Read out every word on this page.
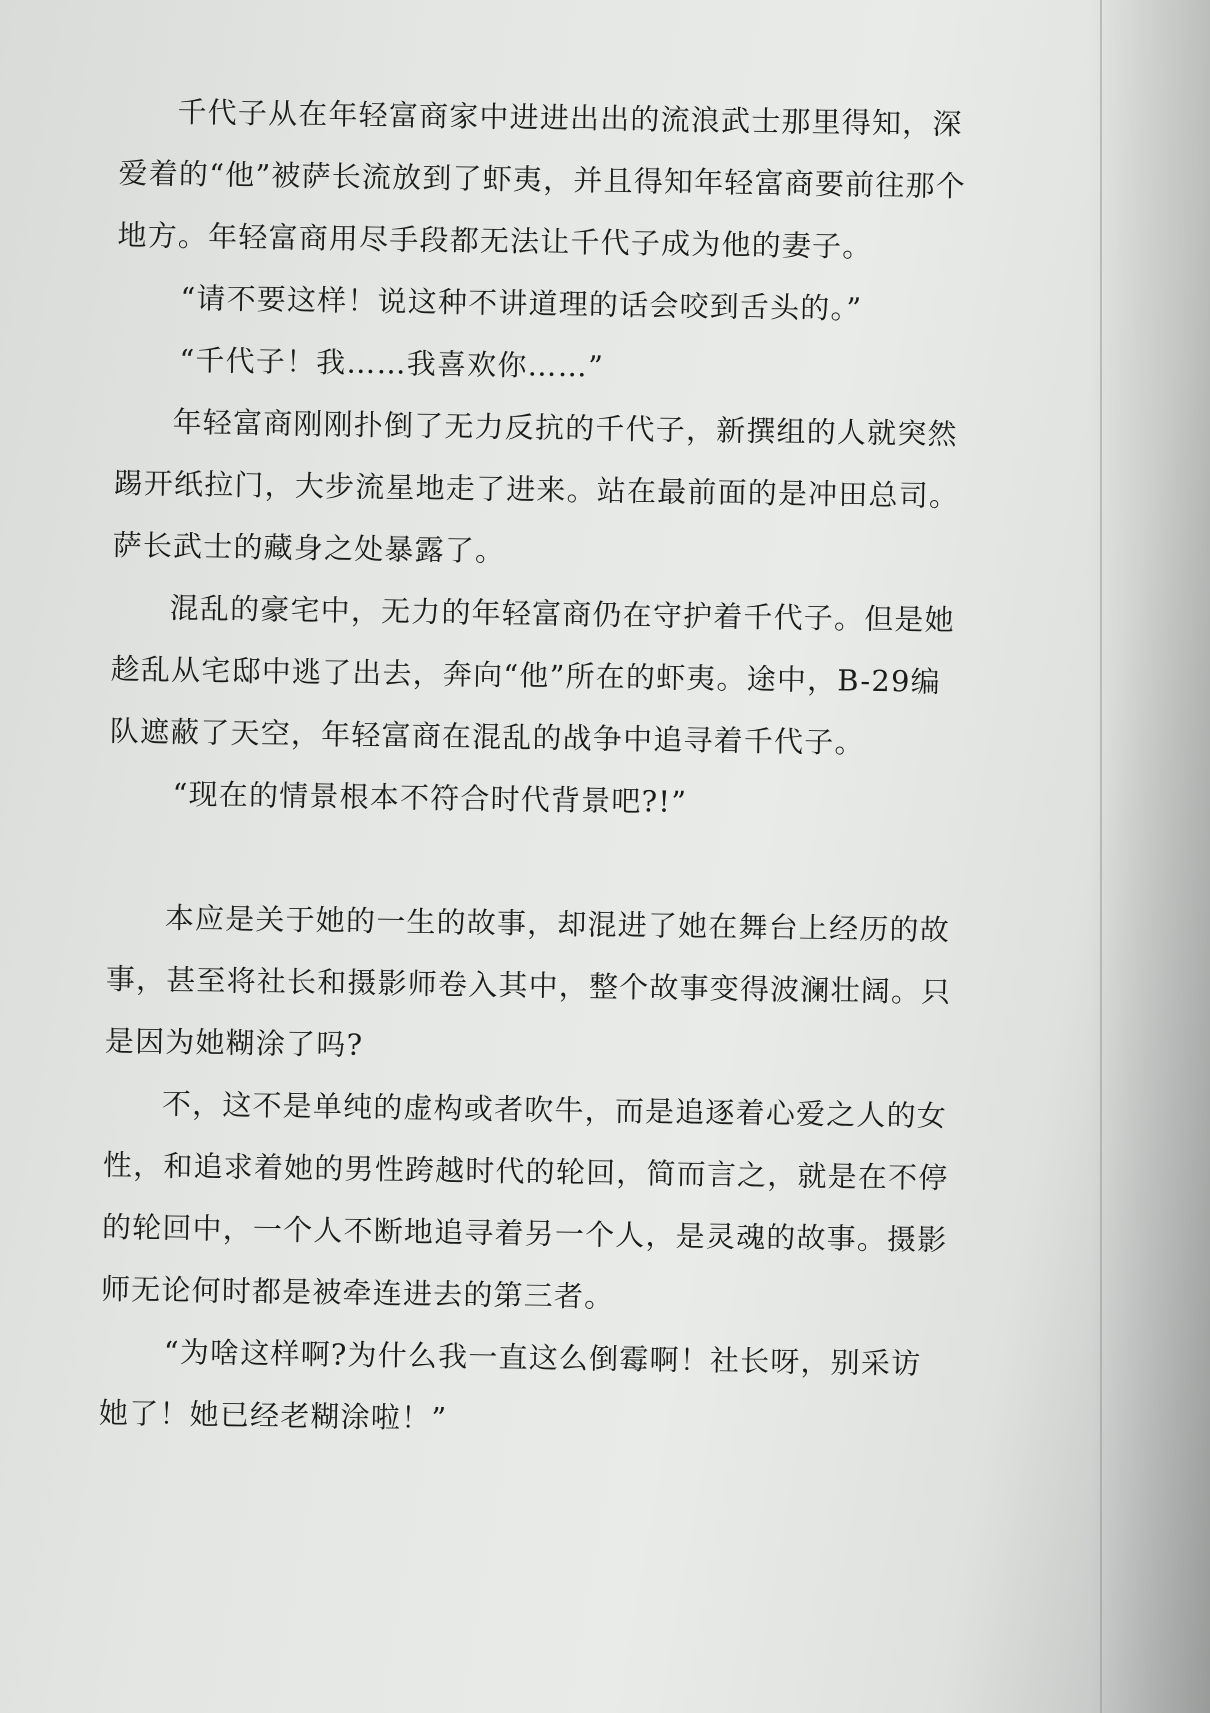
千代子从在年轻富商家中进进出出的流浪武士那里得知，深爱着的“他”被萨长流放到了虾夷，并且得知年轻富商要前往那个地方。年轻富商用尽手段都无法让千代子成为他的妻子。

“请不要这样！说这种不讲道理的话会咬到舌头的。”

“千代子！我……我喜欢你……”

年轻富商刚刚扑倒了无力反抗的千代子，新撰组的人就突然踢开纸拉门，大步流星地走了进来。站在最前面的是冲田总司。萨长武士的藏身之处暴露了。

混乱的豪宅中，无力的年轻富商仍在守护着千代子。但是她趁乱从宅邸中逃了出去，奔向“他”所在的虾夷。途中，B-29编队遮蔽了天空，年轻富商在混乱的战争中追寻着千代子。

“现在的情景根本不符合时代背景吧?!”

本应是关于她的一生的故事，却混进了她在舞台上经历的故事，甚至将社长和摄影师卷入其中，整个故事变得波澜壮阔。只是因为她糊涂了吗?

不，这不是单纯的虚构或者吹牛，而是追逐着心爱之人的女性，和追求着她的男性跨越时代的轮回，简而言之，就是在不停的轮回中，一个人不断地追寻着另一个人，是灵魂的故事。摄影师无论何时都是被牵连进去的第三者。

“为啥这样啊?为什么我一直这么倒霉啊！社长呀，别采访她了！她已经老糊涂啦！”
